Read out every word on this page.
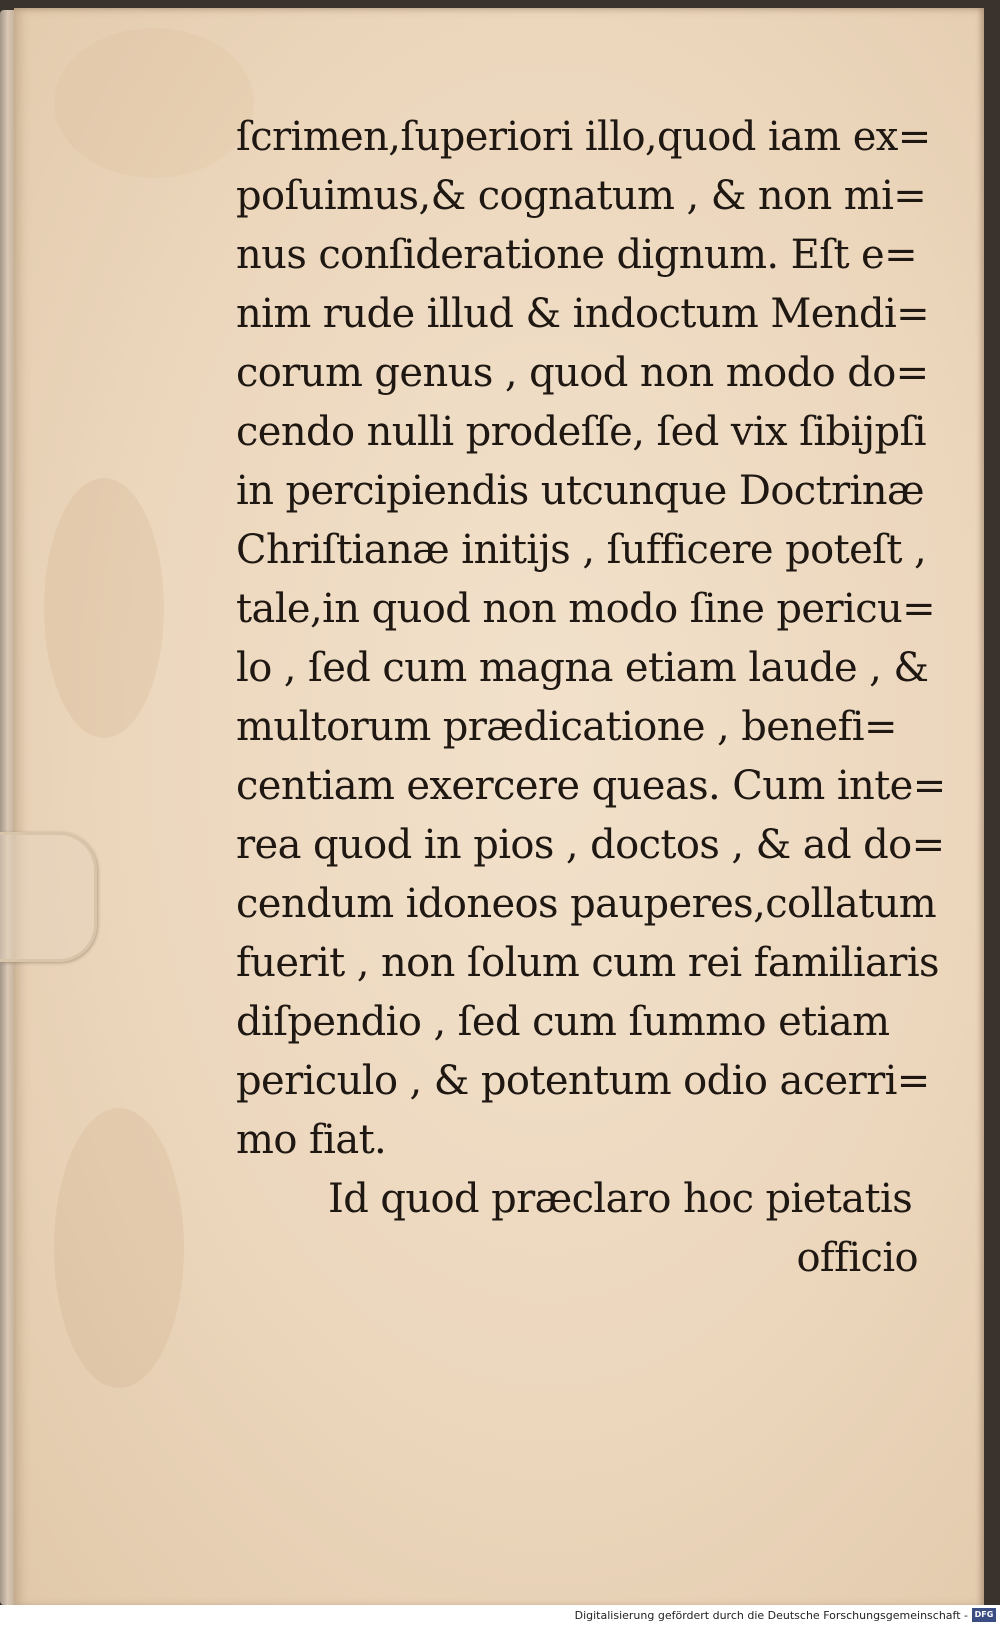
ſcrimen,ſuperiori illo,quod iam ex=
poſuimus,& cognatum , & non mi=
nus conſideratione dignum. Eſt e=
nim rude illud & indoctum Mendi=
corum genus , quod non modo do=
cendo nulli prodeſſe, ſed vix ſibijpſi
in percipiendis utcunque Doctrinæ
Chriſtianæ initijs , ſufficere poteſt ,
tale,in quod non modo ſine pericu=
lo , ſed cum magna etiam laude , &
multorum prædicatione , benefi=
centiam exercere queas. Cum inte=
rea quod in pios , doctos , & ad do=
cendum idoneos pauperes,collatum
fuerit , non ſolum cum rei familiaris
diſpendio , ſed cum ſummo etiam
periculo , & potentum odio acerri=
mo fiat.
Id quod præclaro hoc pietatis
officio
Digitalisierung gefördert durch die Deutsche Forschungsgemeinschaft - DFG
